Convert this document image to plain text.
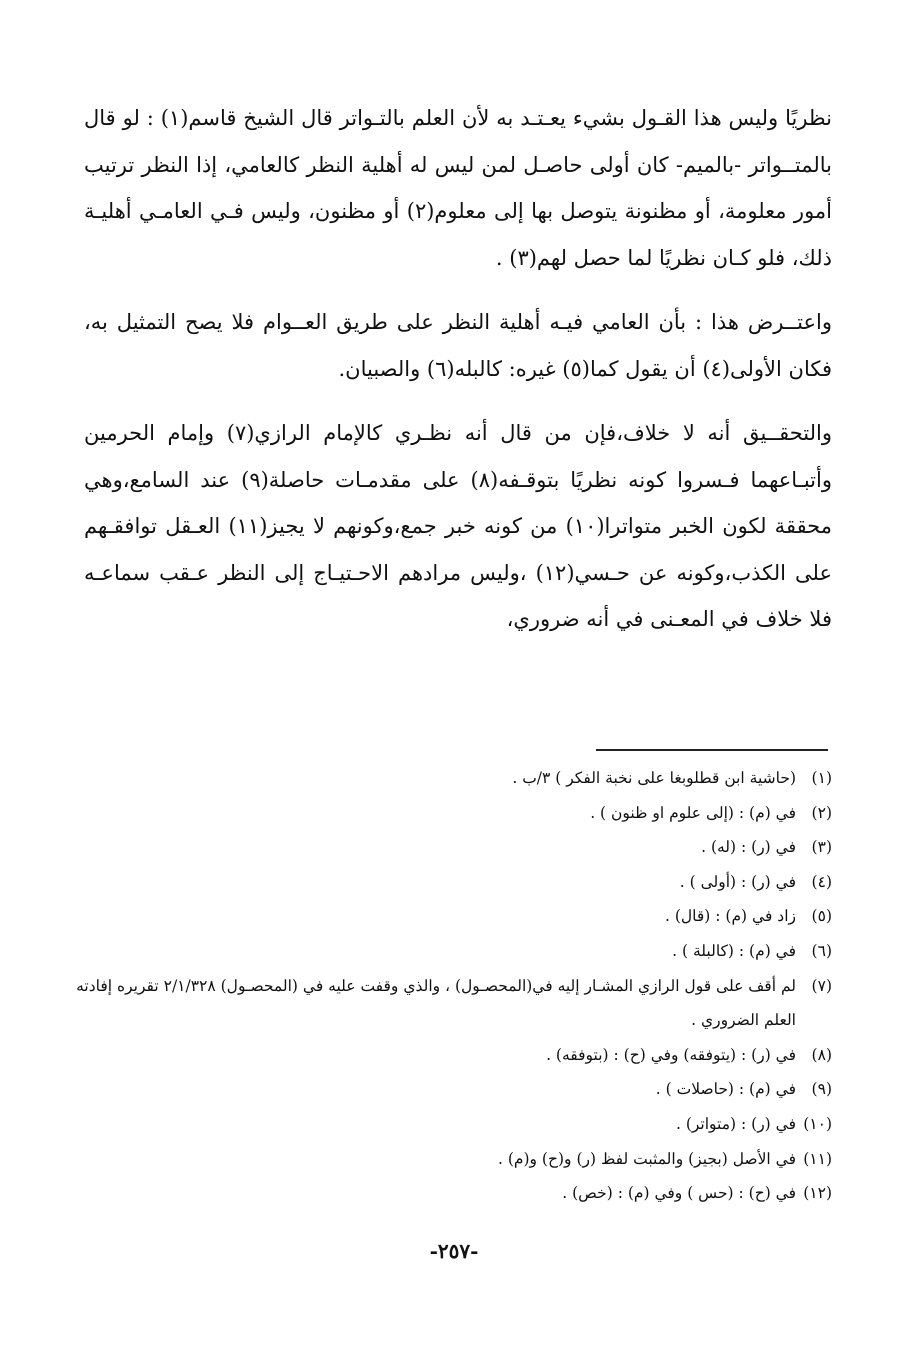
نظريًا وليس هذا القـول بشيء يعـتـد به لأن العلم بالتـواتر قال الشيخ قاسم(١) : لو قال بالمتــواتر -بالميم- كان أولى حاصـل لمن ليس له أهلية النظر كالعامي، إذا النظر ترتيب أمور معلومة، أو مظنونة يتوصل بها إلى معلوم(٢) أو مظنون، وليس فـي العامـي أهليـة ذلك، فلو كـان نظريًا لما حصل لهم(٣) .

واعتــرض هذا : بأن العامي فيـه أهلية النظر على طريق العــوام فلا يصح التمثيل به، فكان الأولى(٤) أن يقول كما(٥) غيره: كالبله(٦) والصبيان.

والتحقــيق أنه لا خلاف،فإن من قال أنه نظـري كالإمام الرازي(٧) وإمام الحرمين وأتبـاعهما فـسروا كونه نظريًا بتوقـفه(٨) على مقدمـات حاصلة(٩) عند السامع،وهي محققة لكون الخبر متواترا(١٠) من كونه خبر جمع،وكونهم لا يجيز(١١) العـقل توافقـهم على الكذب،وكونه عن حـسي(١٢) ،وليس مرادهم الاحـتيـاج إلى النظر عـقب سماعـه فلا خلاف في المعـنى في أنه ضروري،

(١)
(حاشية ابن قطلوبغا على نخبة الفكر ) ٣/ب .
(٢)
في (م) : (إلى علوم او ظنون ) .
(٣)
في (ر) : (له) .
(٤)
في (ر) : (أولى ) .
(٥)
زاد في (م) : (قال) .
(٦)
في (م) : (كالبلة ) .
(٧)
لم أقف على قول الرازي المشـار إليه في(المحصـول) ، والذي وقفت عليه في (المحصـول) ٢/١/٣٢٨ تقريره إفادته العلم الضروري .
(٨)
في (ر) : (يتوفقه) وفي (ح) : (بتوفقه) .
(٩)
في (م) : (حاصلات ) .
(١٠)
في (ر) : (متواتر) .
(١١)
في الأصل (بجيز) والمثبت لفظ (ر) و(ح) و(م) .
(١٢)
في (ح) : (حس ) وفي (م) : (خص) .
-٢٥٧-
